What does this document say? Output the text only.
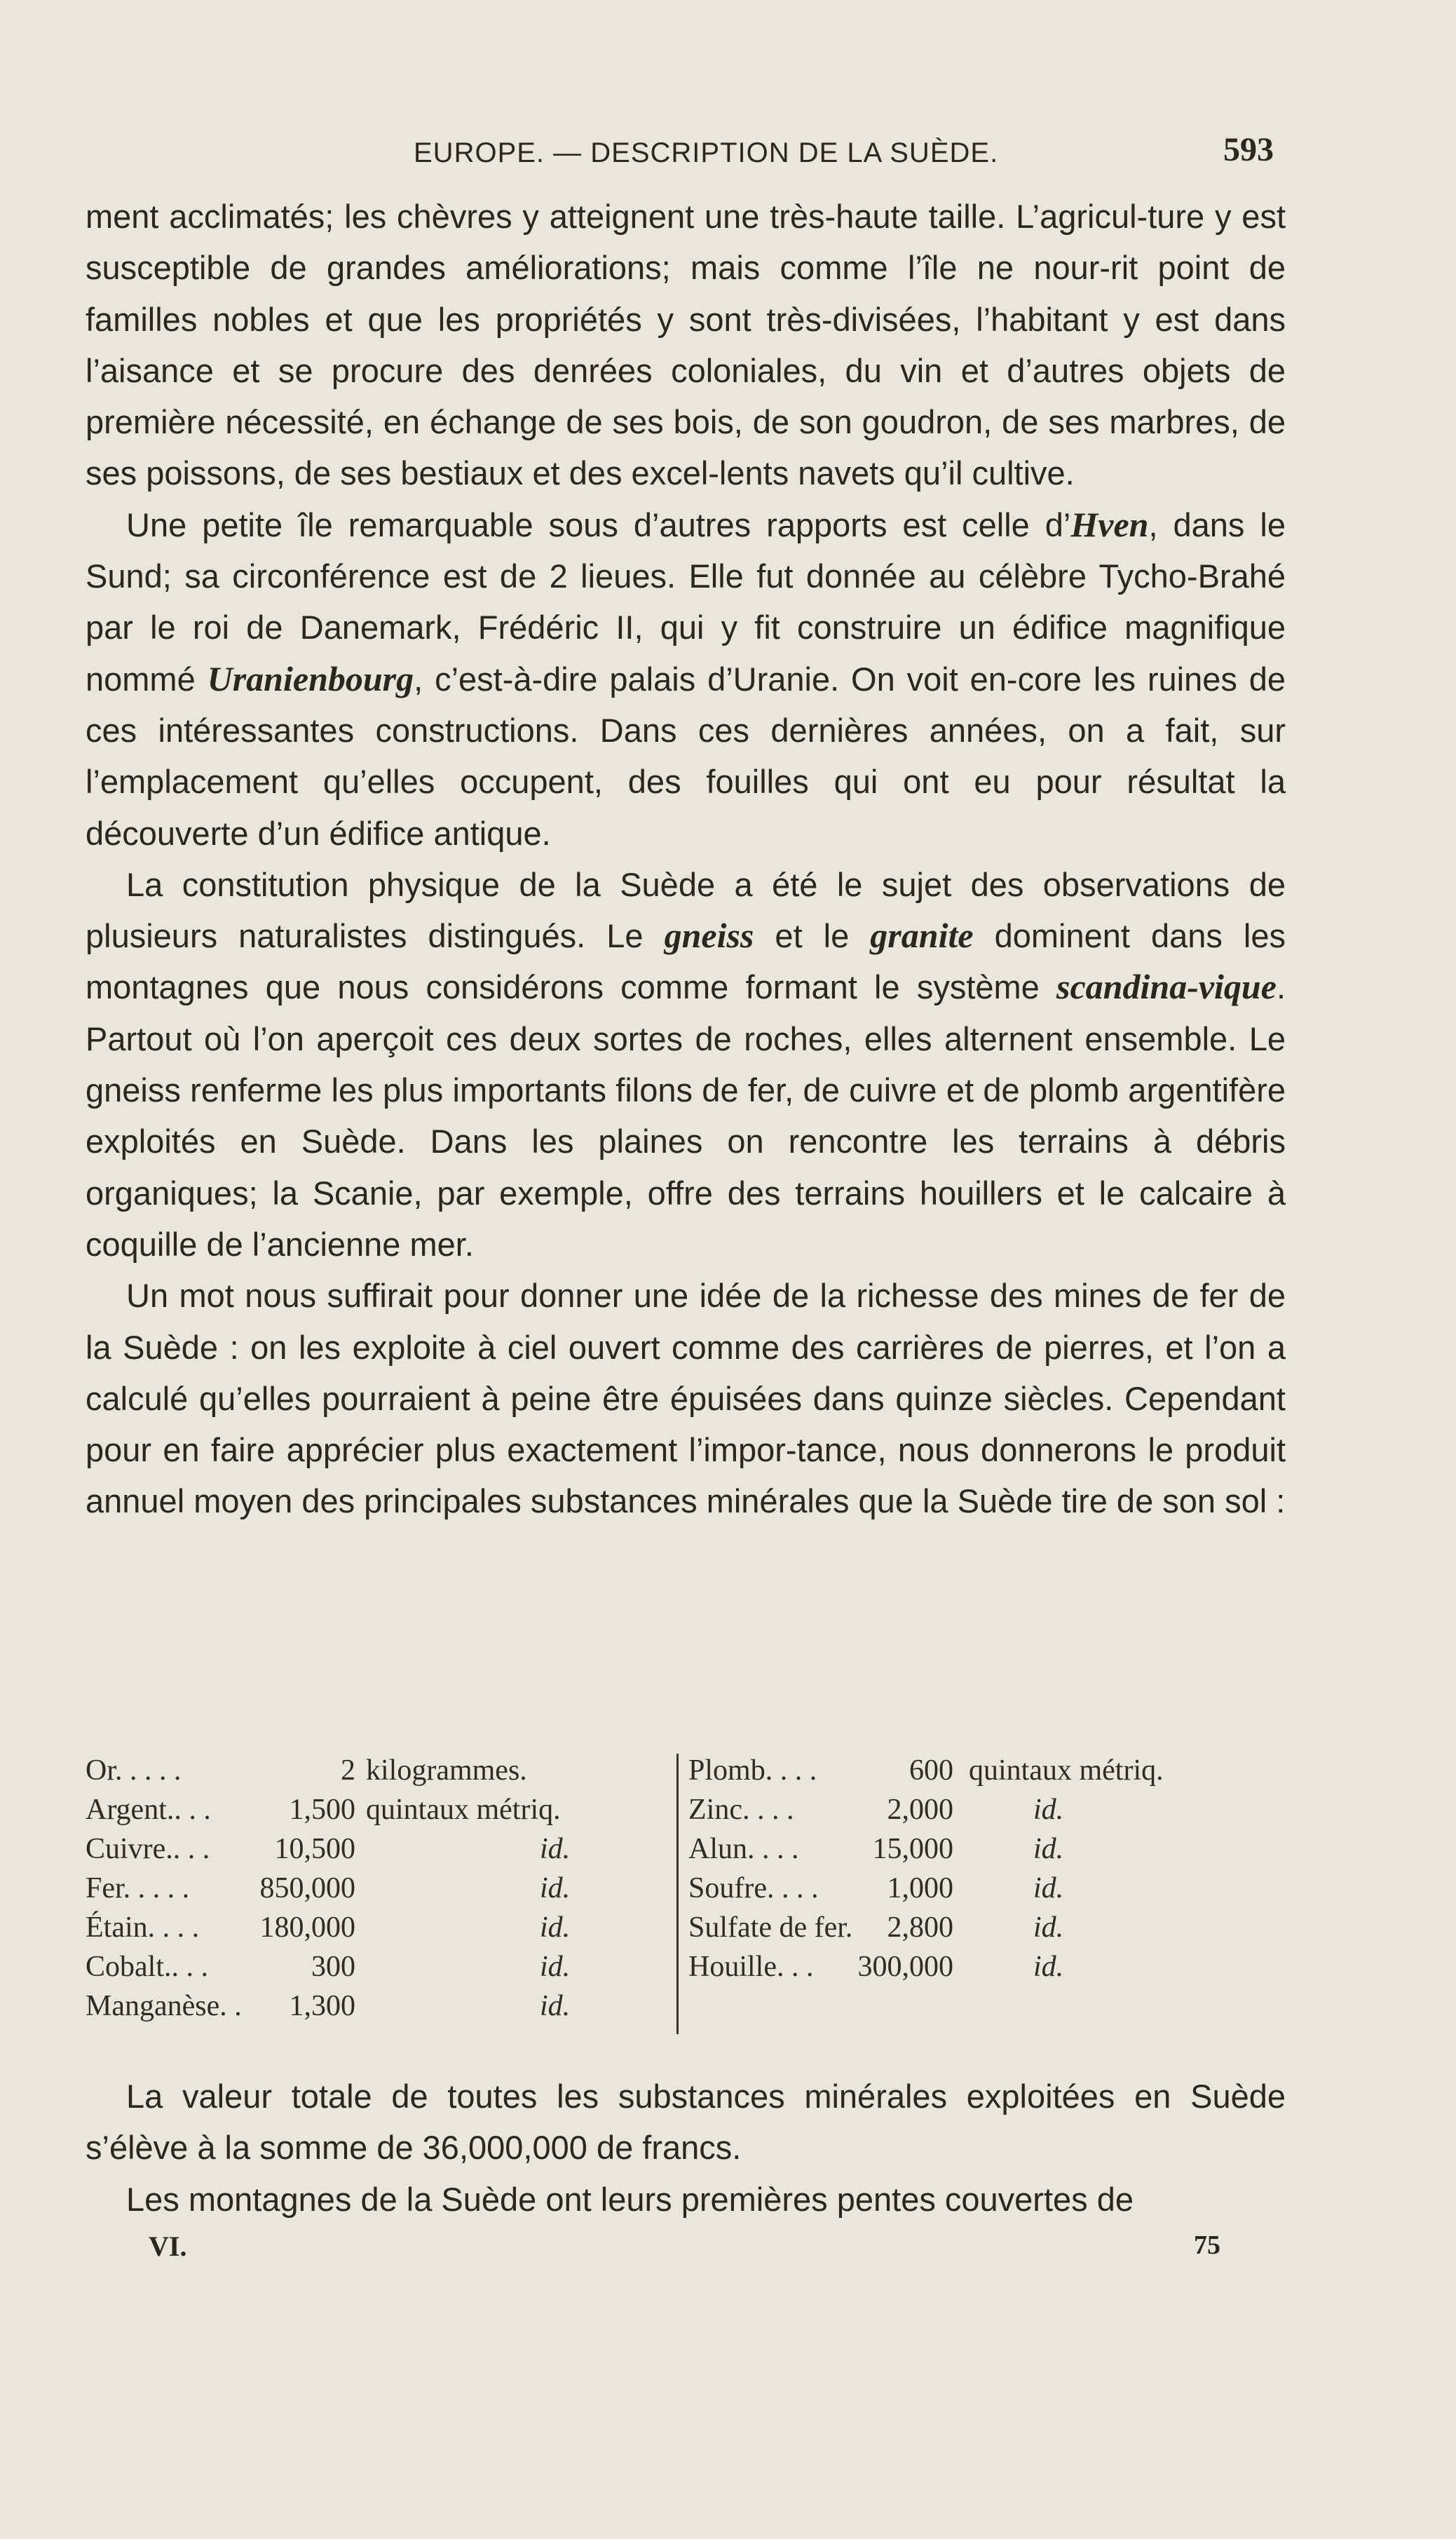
EUROPE. — DESCRIPTION DE LA SUÈDE.	593

ment acclimatés; les chèvres y atteignent une très-haute taille. L’agricul-ture y est susceptible de grandes améliorations; mais comme l’île ne nour-rit point de familles nobles et que les propriétés y sont très-divisées, l’habitant y est dans l’aisance et se procure des denrées coloniales, du vin et d’autres objets de première nécessité, en échange de ses bois, de son goudron, de ses marbres, de ses poissons, de ses bestiaux et des excel-lents navets qu’il cultive.

Une petite île remarquable sous d’autres rapports est celle d’Hven, dans le Sund; sa circonférence est de 2 lieues. Elle fut donnée au célèbre Tycho-Brahé par le roi de Danemark, Frédéric II, qui y fit construire un édifice magnifique nommé Uranienbourg, c’est-à-dire palais d’Uranie. On voit en-core les ruines de ces intéressantes constructions. Dans ces dernières années, on a fait, sur l’emplacement qu’elles occupent, des fouilles qui ont eu pour résultat la découverte d’un édifice antique.

La constitution physique de la Suède a été le sujet des observations de plusieurs naturalistes distingués. Le gneiss et le granite dominent dans les montagnes que nous considérons comme formant le système scandina-vique. Partout où l’on aperçoit ces deux sortes de roches, elles alternent ensemble. Le gneiss renferme les plus importants filons de fer, de cuivre et de plomb argentifère exploités en Suède. Dans les plaines on rencontre les terrains à débris organiques; la Scanie, par exemple, offre des terrains houillers et le calcaire à coquille de l’ancienne mer.

Un mot nous suffirait pour donner une idée de la richesse des mines de fer de la Suède : on les exploite à ciel ouvert comme des carrières de pierres, et l’on a calculé qu’elles pourraient à peine être épuisées dans quinze siècles. Cependant pour en faire apprécier plus exactement l’impor-tance, nous donnerons le produit annuel moyen des principales substances minérales que la Suède tire de son sol :

Or. . . . .	2 kilogrammes.
Argent.. . .	1,500 quintaux métriq.
Cuivre.. . .	10,500	id.
Fer. . . . .	850,000	id.
Étain. . . .	180,000	id.
Cobalt.. . .	300	id.
Manganèse. .	1,300	id.
Plomb. . . .	600 quintaux métriq.
Zinc. . . .	2,000	id.
Alun. . . .	15,000	id.
Soufre. . . .	1,000	id.
Sulfate de fer.	2,800	id.
Houille. . .	300,000	id.

La valeur totale de toutes les substances minérales exploitées en Suède s’élève à la somme de 36,000,000 de francs.

Les montagnes de la Suède ont leurs premières pentes couvertes de

VI.	75
